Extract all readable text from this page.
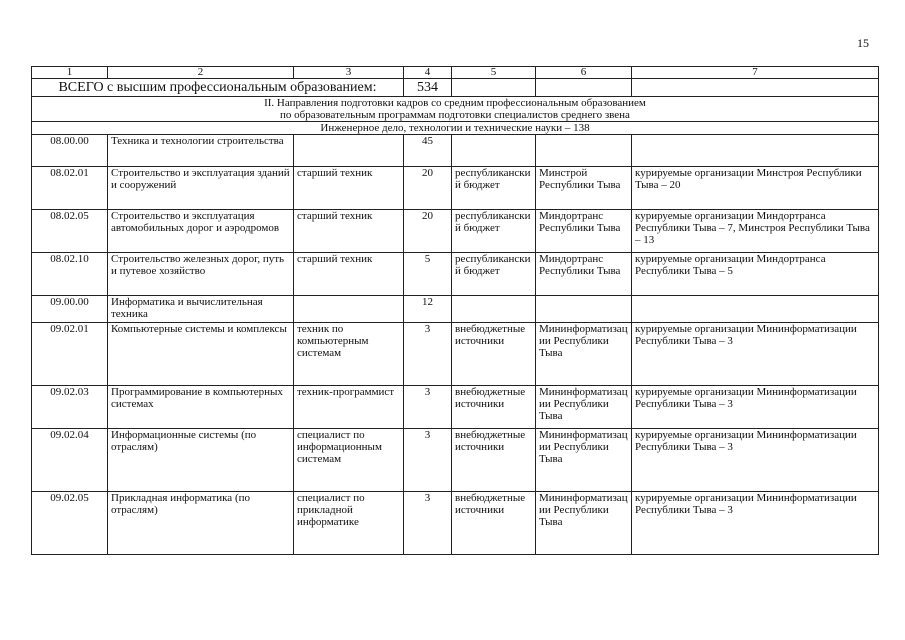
15
1	2	3	4	5	6	7
ВСЕГО с высшим профессиональным образованием:			534			

II. Направления подготовки кадров со средним профессиональным образованием
по образовательным программам подготовки специалистов среднего звена						

Инженерное дело, технологии и технические науки – 138						
08.00.00	Техника и технологии строительства		45			
08.02.01	Строительство и эксплуатация зданий и сооружений	старший техник	20	республиканский бюджет	Минстрой Республики Тыва	курируемые организации Минстроя Республики Тыва – 20
08.02.05	Строительство и эксплуатация автомобильных дорог и аэродромов	старший техник	20	республиканский бюджет	Миндортранс Республики Тыва	курируемые организации Миндортранса Республики Тыва – 7, Минстроя Республики Тыва – 13
08.02.10	Строительство железных дорог, путь и путевое хозяйство	старший техник	5	республиканский бюджет	Миндортранс Республики Тыва	курируемые организации Миндортранса Республики Тыва – 5
09.00.00	Информатика и вычислительная техника		12			
09.02.01	Компьютерные системы и комплексы	техник по компьютерным системам	3	внебюджетные источники	Мининформатизации Республики Тыва	курируемые организации Мининформатизации Республики Тыва – 3
09.02.03	Программирование в компьютерных системах	техник-программист	3	внебюджетные источники	Мининформатизации Республики Тыва	курируемые организации Мининформатизации Республики Тыва – 3
09.02.04	Информационные системы (по отраслям)	специалист по информационным системам	3	внебюджетные источники	Мининформатизации Республики Тыва	курируемые организации Мининформатизации Республики Тыва – 3
09.02.05	Прикладная информатика (по отраслям)	специалист по прикладной информатике	3	внебюджетные источники	Мининформатизации Республики Тыва	курируемые организации Мининформатизации Республики Тыва – 3
